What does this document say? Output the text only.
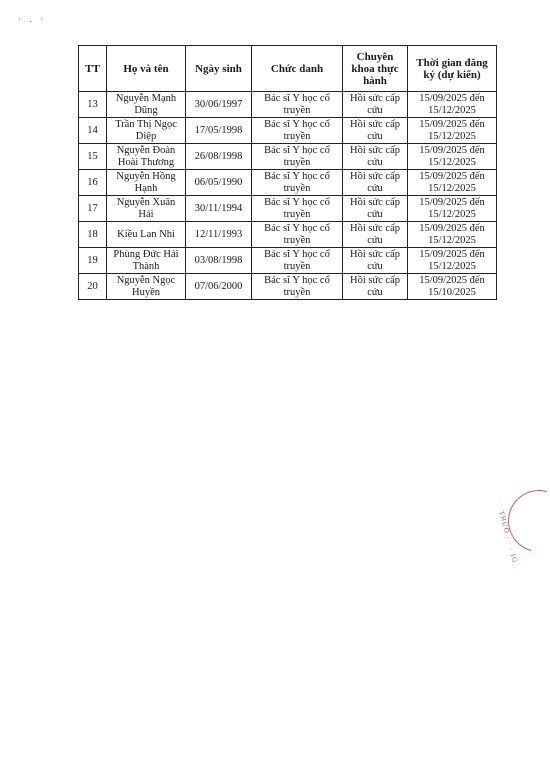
· . ·
TT	Họ và tên	Ngày sinh	Chức danh	Chuyên khoa thực hành	Thời gian đăng ký (dự kiến)
13	Nguyễn Mạnh Dũng	30/06/1997	Bác sĩ Y học cổ truyền	Hồi sức cấp cứu	15/09/2025 đến 15/12/2025
14	Trần Thị Ngọc Diệp	17/05/1998	Bác sĩ Y học cổ truyền	Hồi sức cấp cứu	15/09/2025 đến 15/12/2025
15	Nguyễn Đoàn Hoài Thương	26/08/1998	Bác sĩ Y học cổ truyền	Hồi sức cấp cứu	15/09/2025 đến 15/12/2025
16	Nguyễn Hồng Hạnh	06/05/1990	Bác sĩ Y học cổ truyền	Hồi sức cấp cứu	15/09/2025 đến 15/12/2025
17	Nguyễn Xuân Hải	30/11/1994	Bác sĩ Y học cổ truyền	Hồi sức cấp cứu	15/09/2025 đến 15/12/2025
18	Kiều Lan Nhi	12/11/1993	Bác sĩ Y học cổ truyền	Hồi sức cấp cứu	15/09/2025 đến 15/12/2025
19	Phùng Đức Hải Thành	03/08/1998	Bác sĩ Y học cổ truyền	Hồi sức cấp cứu	15/09/2025 đến 15/12/2025
20	Nguyễn Ngọc Huyền	07/06/2000	Bác sĩ Y học cổ truyền	Hồi sức cấp cứu	15/09/2025 đến 15/10/2025
THUỐ · · · IG
